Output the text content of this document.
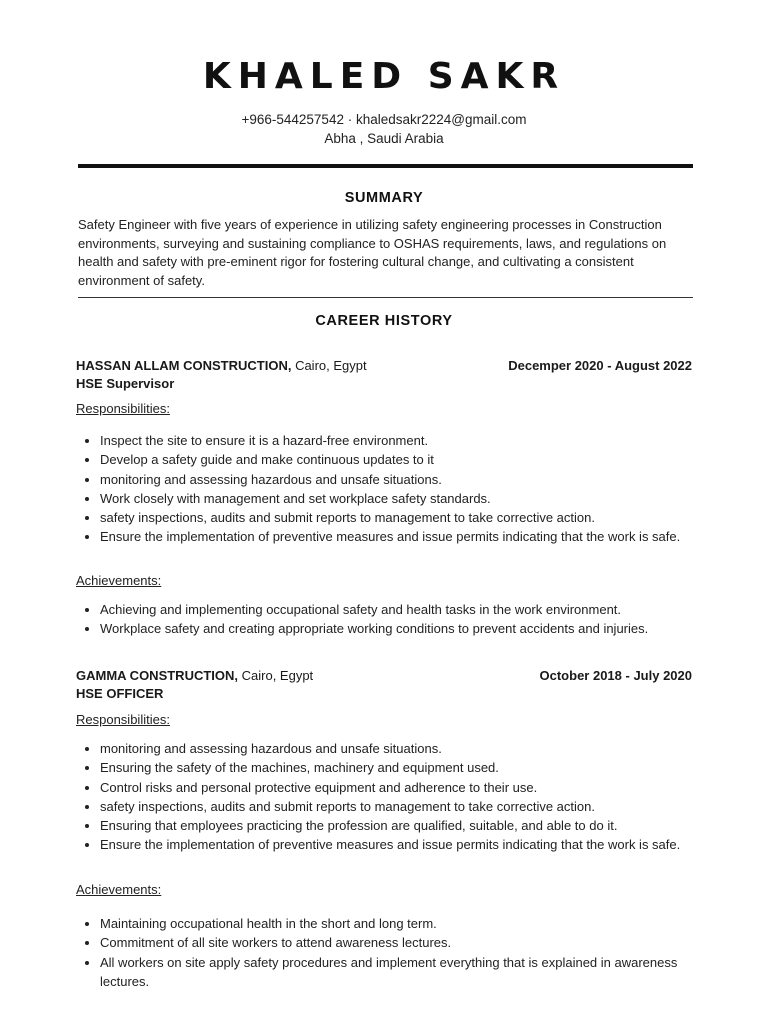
KHALED SAKR
+966-544257542 · khaledsakr2224@gmail.com
Abha , Saudi Arabia
SUMMARY
Safety Engineer with five years of experience in utilizing safety engineering processes in Construction environments, surveying and sustaining compliance to OSHAS requirements, laws, and regulations on health and safety with pre-eminent rigor for fostering cultural change, and cultivating a consistent environment of safety.
CAREER HISTORY
HASSAN ALLAM CONSTRUCTION, Cairo, Egypt	Decemper 2020 - August 2022
HSE Supervisor
Responsibilities:
• Inspect the site to ensure it is a hazard-free environment.
• Develop a safety guide and make continuous updates to it
• monitoring and assessing hazardous and unsafe situations.
• Work closely with management and set workplace safety standards.
• safety inspections, audits and submit reports to management to take corrective action.
• Ensure the implementation of preventive measures and issue permits indicating that the work is safe.
Achievements:
• Achieving and implementing occupational safety and health tasks in the work environment.
• Workplace safety and creating appropriate working conditions to prevent accidents and injuries.
GAMMA CONSTRUCTION, Cairo, Egypt	October 2018 - July 2020
HSE OFFICER
Responsibilities:
• monitoring and assessing hazardous and unsafe situations.
• Ensuring the safety of the machines, machinery and equipment used.
• Control risks and personal protective equipment and adherence to their use.
• safety inspections, audits and submit reports to management to take corrective action.
• Ensuring that employees practicing the profession are qualified, suitable, and able to do it.
• Ensure the implementation of preventive measures and issue permits indicating that the work is safe.
Achievements:
• Maintaining occupational health in the short and long term.
• Commitment of all site workers to attend awareness lectures.
• All workers on site apply safety procedures and implement everything that is explained in awareness lectures.
